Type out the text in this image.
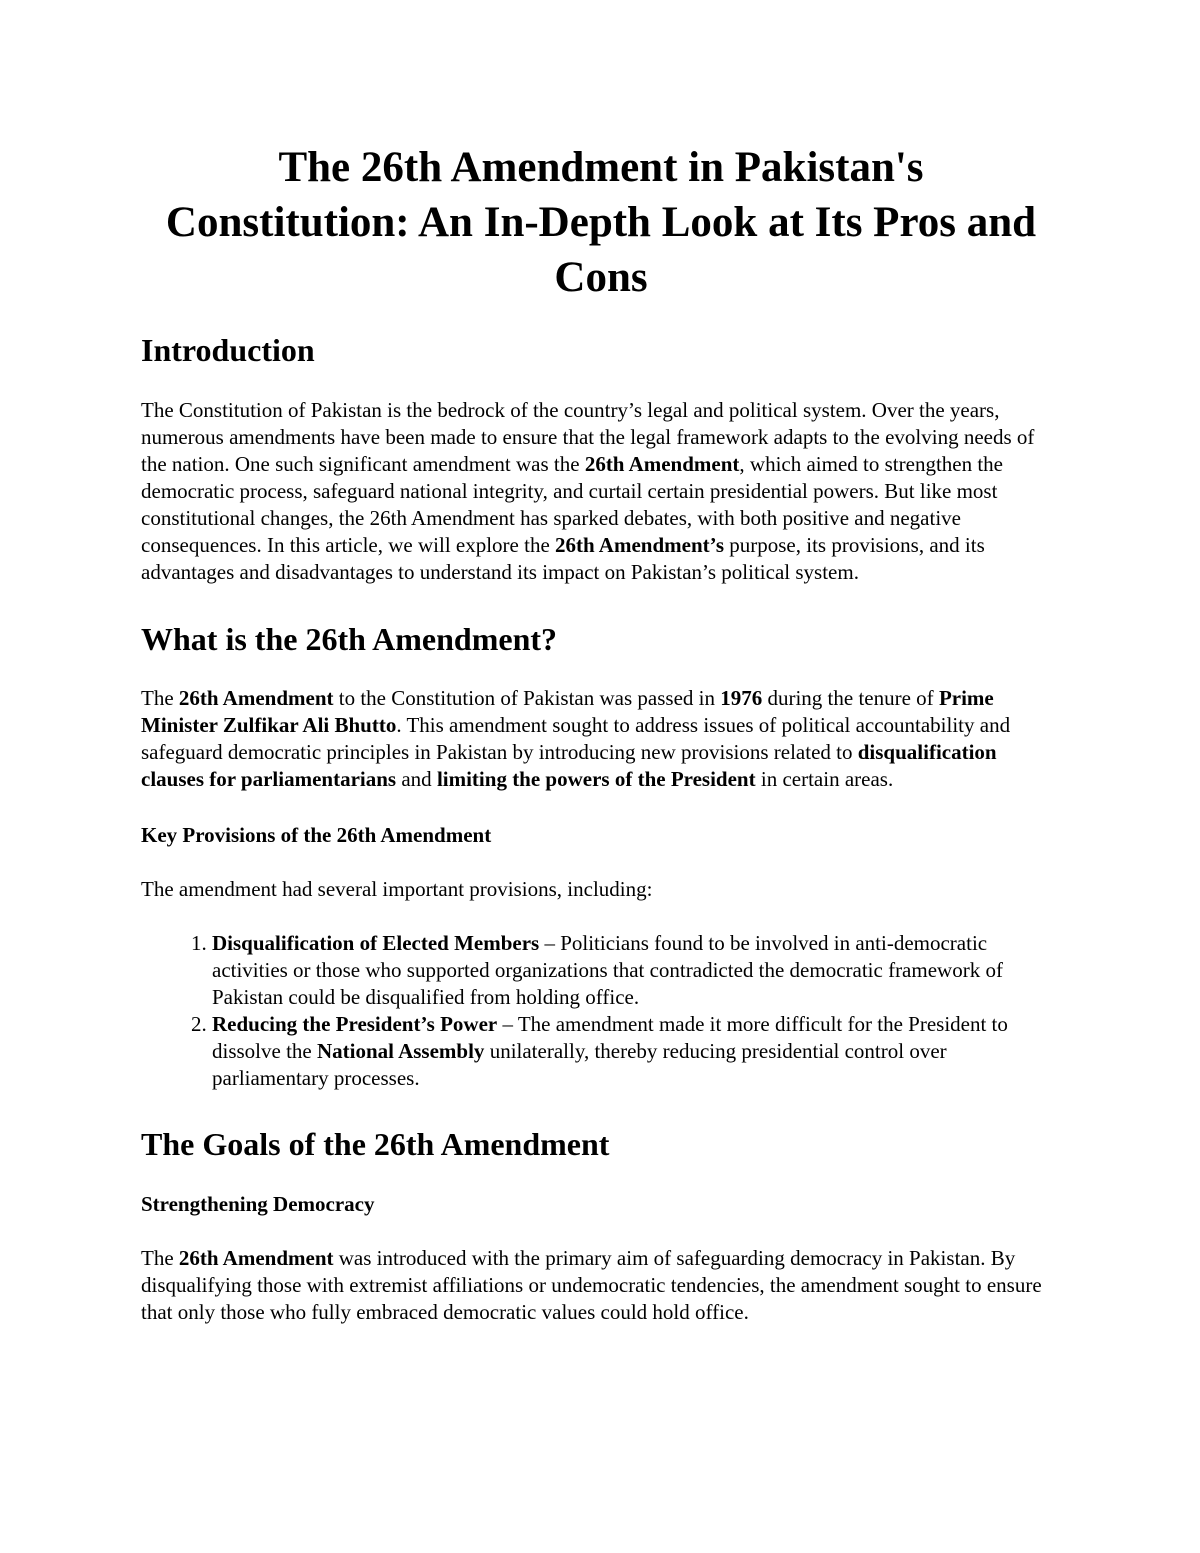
The 26th Amendment in Pakistan's Constitution: An In-Depth Look at Its Pros and Cons
Introduction

The Constitution of Pakistan is the bedrock of the country’s legal and political system. Over the years, numerous amendments have been made to ensure that the legal framework adapts to the evolving needs of the nation. One such significant amendment was the 26th Amendment, which aimed to strengthen the democratic process, safeguard national integrity, and curtail certain presidential powers. But like most constitutional changes, the 26th Amendment has sparked debates, with both positive and negative consequences. In this article, we will explore the 26th Amendment’s purpose, its provisions, and its advantages and disadvantages to understand its impact on Pakistan’s political system.

What is the 26th Amendment?

The 26th Amendment to the Constitution of Pakistan was passed in 1976 during the tenure of Prime Minister Zulfikar Ali Bhutto. This amendment sought to address issues of political accountability and safeguard democratic principles in Pakistan by introducing new provisions related to disqualification clauses for parliamentarians and limiting the powers of the President in certain areas.

Key Provisions of the 26th Amendment

The amendment had several important provisions, including:

1. Disqualification of Elected Members – Politicians found to be involved in anti-democratic activities or those who supported organizations that contradicted the democratic framework of Pakistan could be disqualified from holding office.
2. Reducing the President’s Power – The amendment made it more difficult for the President to dissolve the National Assembly unilaterally, thereby reducing presidential control over parliamentary processes.
The Goals of the 26th Amendment
Strengthening Democracy

The 26th Amendment was introduced with the primary aim of safeguarding democracy in Pakistan. By disqualifying those with extremist affiliations or undemocratic tendencies, the amendment sought to ensure that only those who fully embraced democratic values could hold office.
